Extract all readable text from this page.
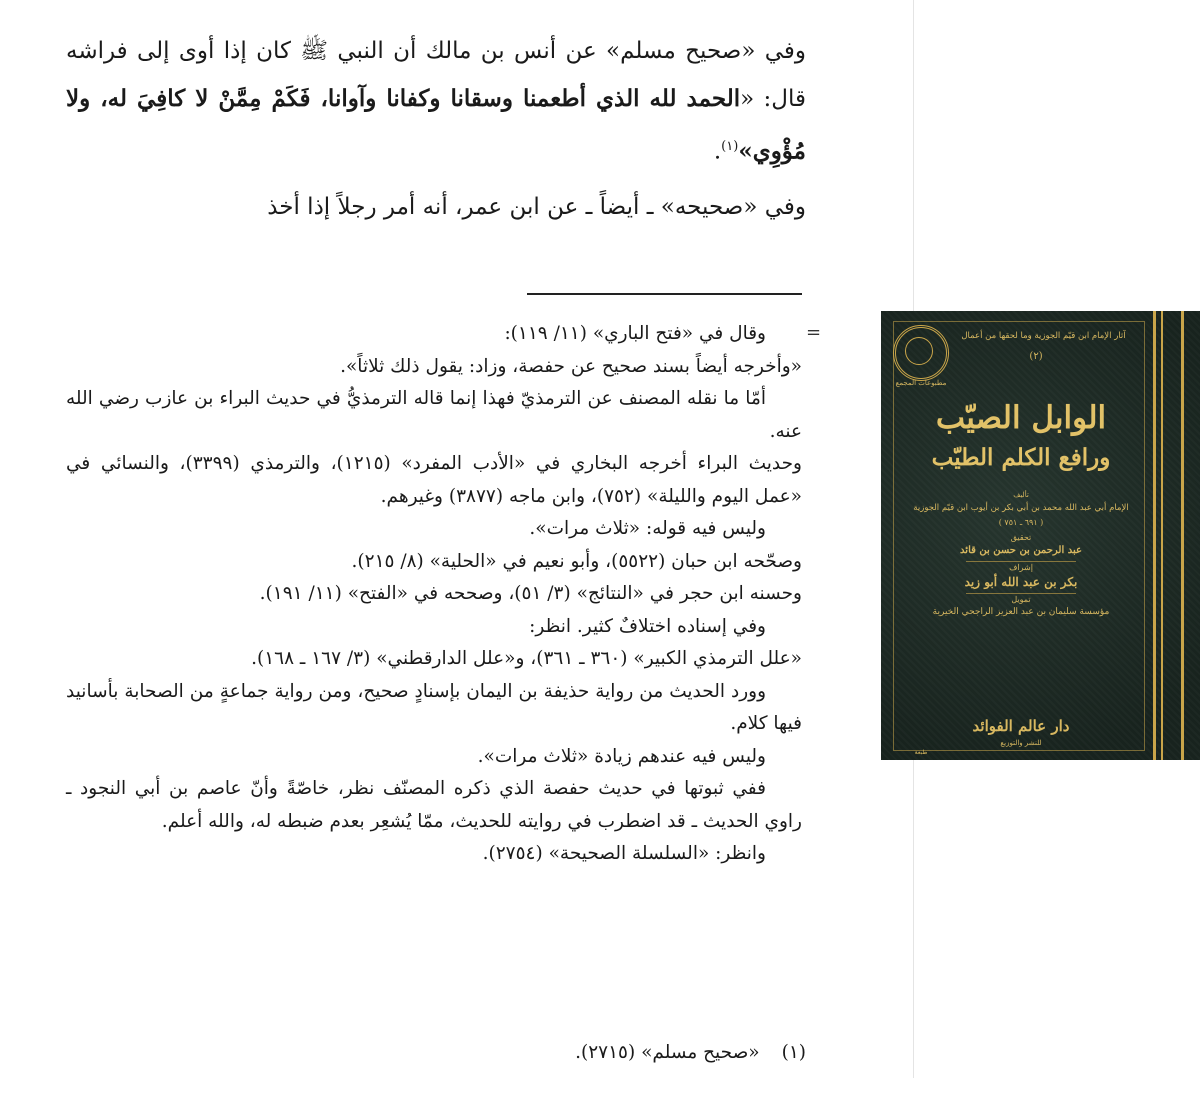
وفي «صحيح مسلم» عن أنس بن مالك أن النبي ﷺ كان إذا أوى إلى فراشه قال: «الحمد لله الذي أطعمنا وسقانا وكفانا وآوانا، فَكَمْ مِمَّنْ لا كافِيَ له، ولا مُؤْوِي»$^{(١)}$.

وفي «صحيحه» ـ أيضاً ـ عن ابن عمر، أنه أمر رجلاً إذا أخذ

=

وقال في «فتح الباري» (١١/ ١١٩):

«وأخرجه أيضاً بسند صحيح عن حفصة، وزاد: يقول ذلك ثلاثاً».

أمّا ما نقله المصنف عن الترمذيّ فهذا إنما قاله الترمذيُّ في حديث البراء بن عازب رضي الله عنه.

وحديث البراء أخرجه البخاري في «الأدب المفرد» (١٢١٥)، والترمذي (٣٣٩٩)، والنسائي في «عمل اليوم والليلة» (٧٥٢)، وابن ماجه (٣٨٧٧) وغيرهم.

وليس فيه قوله: «ثلاث مرات».

وصحّحه ابن حبان (٥٥٢٢)، وأبو نعيم في «الحلية» (٨/ ٢١٥).

وحسنه ابن حجر في «النتائج» (٣/ ٥١)، وصححه في «الفتح» (١١/ ١٩١).

وفي إسناده اختلافٌ كثير. انظر:

«علل الترمذي الكبير» (٣٦٠ ـ ٣٦١)، و«علل الدارقطني» (٣/ ١٦٧ ـ ١٦٨).

وورد الحديث من رواية حذيفة بن اليمان بإسنادٍ صحيح، ومن رواية جماعةٍ من الصحابة بأسانيد فيها كلام.

وليس فيه عندهم زيادة «ثلاث مرات».

ففي ثبوتها في حديث حفصة الذي ذكره المصنّف نظر، خاصّةً وأنّ عاصم بن أبي النجود ـ راوي الحديث ـ قد اضطرب في روايته للحديث، ممّا يُشعِر بعدم ضبطه له، والله أعلم.

وانظر: «السلسلة الصحيحة» (٢٧٥٤).

(١)
«صحيح مسلم» (٢٧١٥).
آثار الإمام ابن قيّم الجوزية وما لحقها من أعمال
(٢)
مطبوعات المجمع
الوابل الصيّب
ورافع الكلم الطيّب
تأليف
الإمام أبي عبد الله محمد بن أبي بكر بن أيوب ابن قيّم الجوزية
( ٦٩١ ـ ٧٥١ )
تحقيق
عبد الرحمن بن حسن بن قائد
إشراف
بكر بن عبد الله أبو زيد
تمويل
مؤسسة سليمان بن عبد العزيز الراجحي الخيرية
دار عالم الفوائد
للنشر والتوزيع
طبعة
